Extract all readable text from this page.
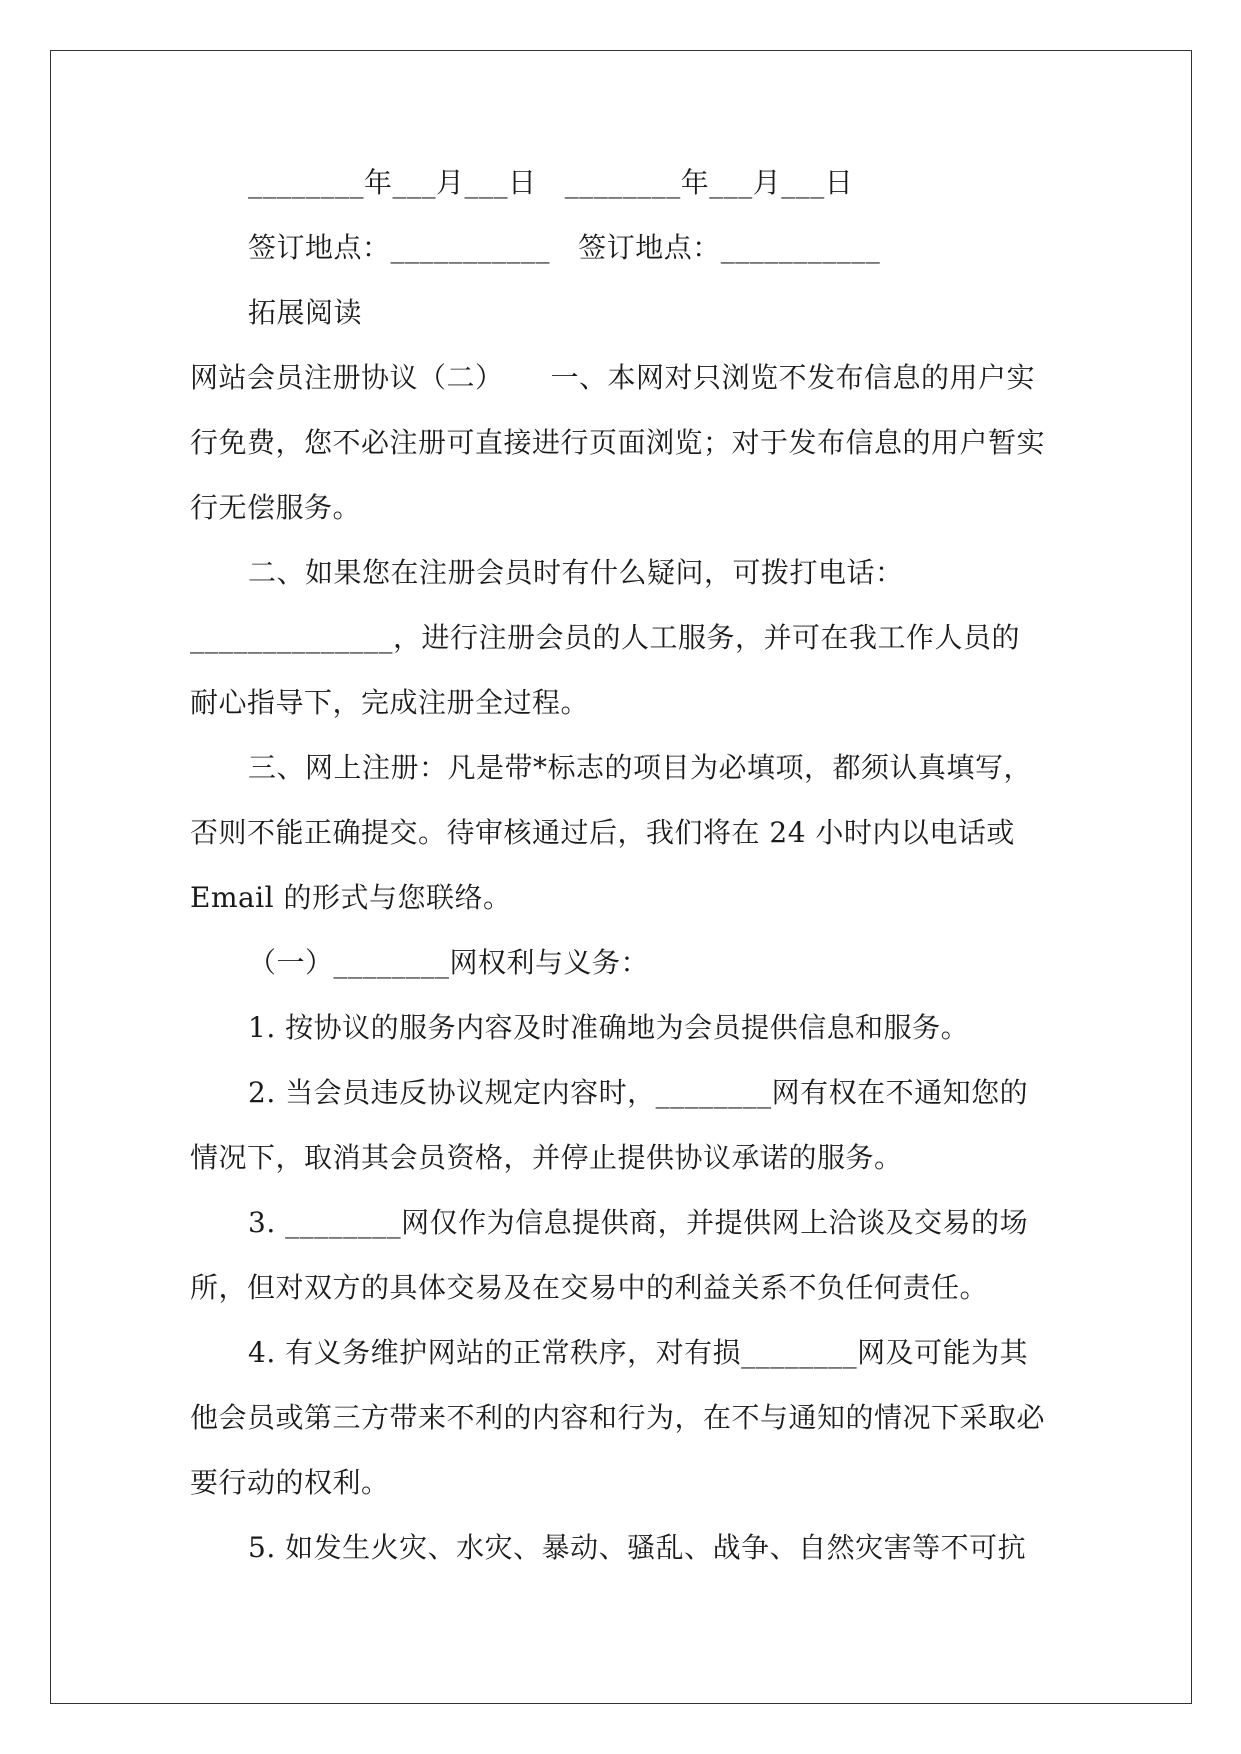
________年___月___日   ________年___月___日
签订地点：___________   签订地点：___________
拓展阅读
网站会员注册协议（二）     一、本网对只浏览不发布信息的用户实
行免费，您不必注册可直接进行页面浏览；对于发布信息的用户暂实
行无偿服务。
二、如果您在注册会员时有什么疑问，可拨打电话：
______________，进行注册会员的人工服务，并可在我工作人员的
耐心指导下，完成注册全过程。
三、网上注册：凡是带*标志的项目为必填项，都须认真填写，
否则不能正确提交。待审核通过后，我们将在 24 小时内以电话或
Email 的形式与您联络。
（一）________网权利与义务：
1. 按协议的服务内容及时准确地为会员提供信息和服务。
2. 当会员违反协议规定内容时，________网有权在不通知您的
情况下，取消其会员资格，并停止提供协议承诺的服务。
3. ________网仅作为信息提供商，并提供网上洽谈及交易的场
所，但对双方的具体交易及在交易中的利益关系不负任何责任。
4. 有义务维护网站的正常秩序，对有损________网及可能为其
他会员或第三方带来不利的内容和行为，在不与通知的情况下采取必
要行动的权利。
5. 如发生火灾、水灾、暴动、骚乱、战争、自然灾害等不可抗
